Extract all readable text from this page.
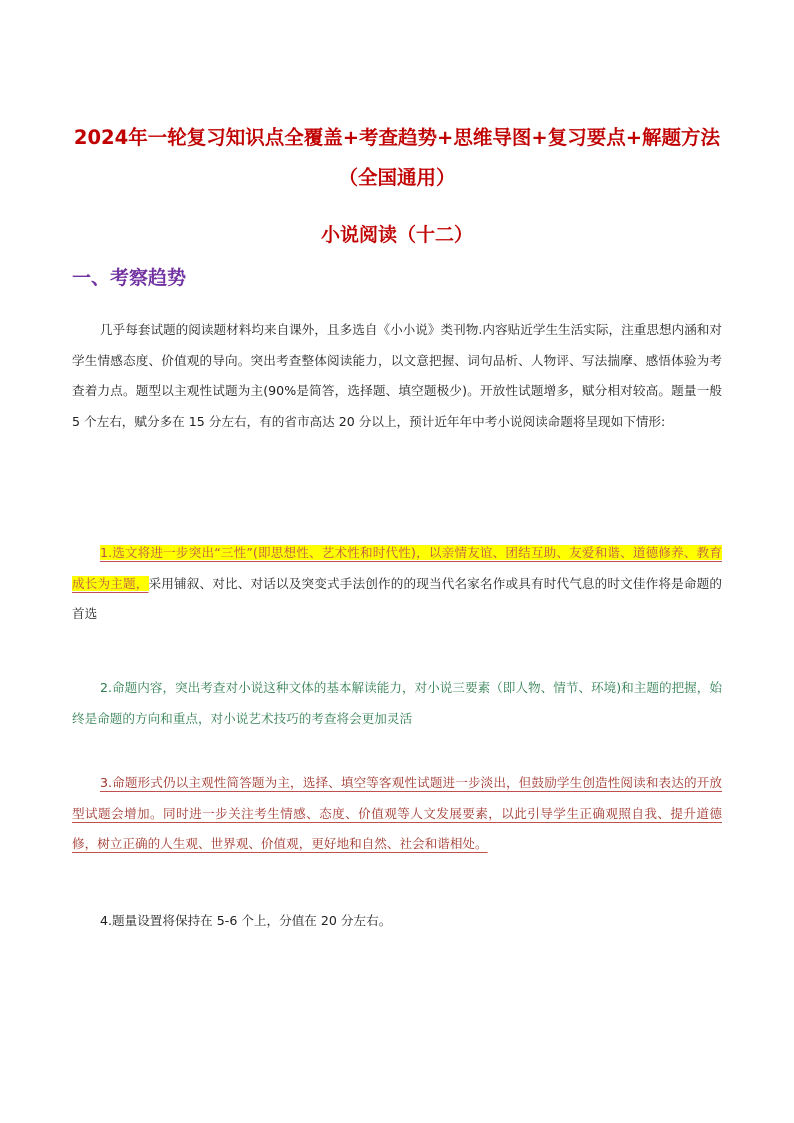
2024年一轮复习知识点全覆盖+考查趋势+思维导图+复习要点+解题方法（全国通用）
小说阅读（十二）
一、考察趋势

几乎每套试题的阅读题材料均来自课外，且多选自《小小说》类刊物.内容贴近学生生活实际，注重思想内涵和对学生情感态度、价值观的导向。突出考查整体阅读能力，以文意把握、词句品析、人物评、写法揣摩、感悟体验为考查着力点。题型以主观性试题为主(90%是简答，选择题、填空题极少)。开放性试题增多，赋分相对较高。题量一般 5 个左右，赋分多在 15 分左右，有的省市高达 20 分以上，预计近年年中考小说阅读命题将呈现如下情形:

1.选文将进一步突出“三性”(即思想性、艺术性和时代性)，以亲情友谊、团结互助、友爱和谐、道德修养、教育成长为主题，采用铺叙、对比、对话以及突变式手法创作的的现当代名家名作或具有时代气息的时文佳作将是命题的首选

2.命题内容，突出考查对小说这种文体的基本解读能力，对小说三要素（即人物、情节、环境)和主题的把握，始终是命题的方向和重点，对小说艺术技巧的考查将会更加灵活

3.命题形式仍以主观性简答题为主，选择、填空等客观性试题进一步淡出，但鼓励学生创造性阅读和表达的开放型试题会增加。同时进一步关注考生情感、态度、价值观等人文发展要素，以此引导学生正确观照自我、提升道德修，树立正确的人生观、世界观、价值观，更好地和自然、社会和谐相处。

4.题量设置将保持在 5-6 个上，分值在 20 分左右。
